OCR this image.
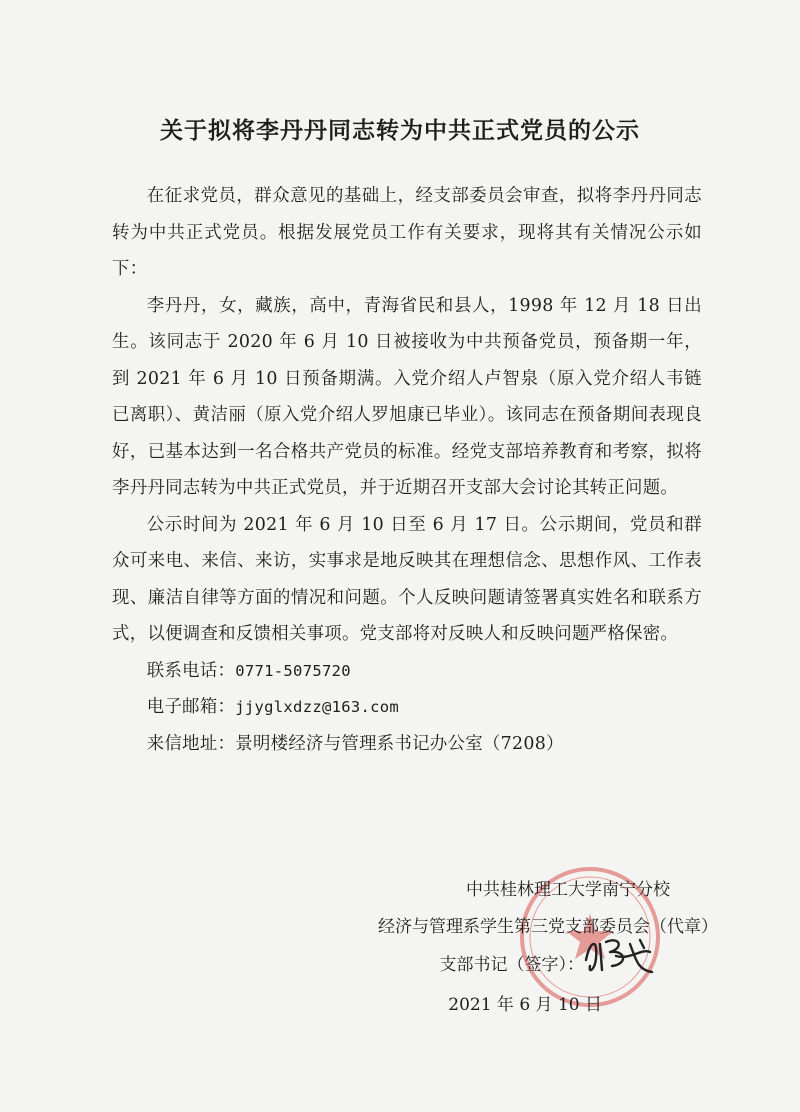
关于拟将李丹丹同志转为中共正式党员的公示

在征求党员，群众意见的基础上，经支部委员会审查，拟将李丹丹同志转为中共正式党员。根据发展党员工作有关要求，现将其有关情况公示如下：

李丹丹，女，藏族，高中，青海省民和县人，1998 年 12 月 18 日出生。该同志于 2020 年 6 月 10 日被接收为中共预备党员，预备期一年，到 2021 年 6 月 10 日预备期满。入党介绍人卢智泉（原入党介绍人韦链已离职）、黄洁丽（原入党介绍人罗旭康已毕业）。该同志在预备期间表现良好，已基本达到一名合格共产党员的标准。经党支部培养教育和考察，拟将李丹丹同志转为中共正式党员，并于近期召开支部大会讨论其转正问题。

公示时间为 2021 年 6 月 10 日至 6 月 17 日。公示期间，党员和群众可来电、来信、来访，实事求是地反映其在理想信念、思想作风、工作表现、廉洁自律等方面的情况和问题。个人反映问题请签署真实姓名和联系方式，以便调查和反馈相关事项。党支部将对反映人和反映问题严格保密。

联系电话：0771-5075720
电子邮箱：jjyglxdzz@163.com
来信地址：景明楼经济与管理系书记办公室（7208）
中共桂林理工大学南宁分校
经济与管理系学生第三党支部委员会（代章）
支部书记（签字）：
2021 年 6 月 10 日
